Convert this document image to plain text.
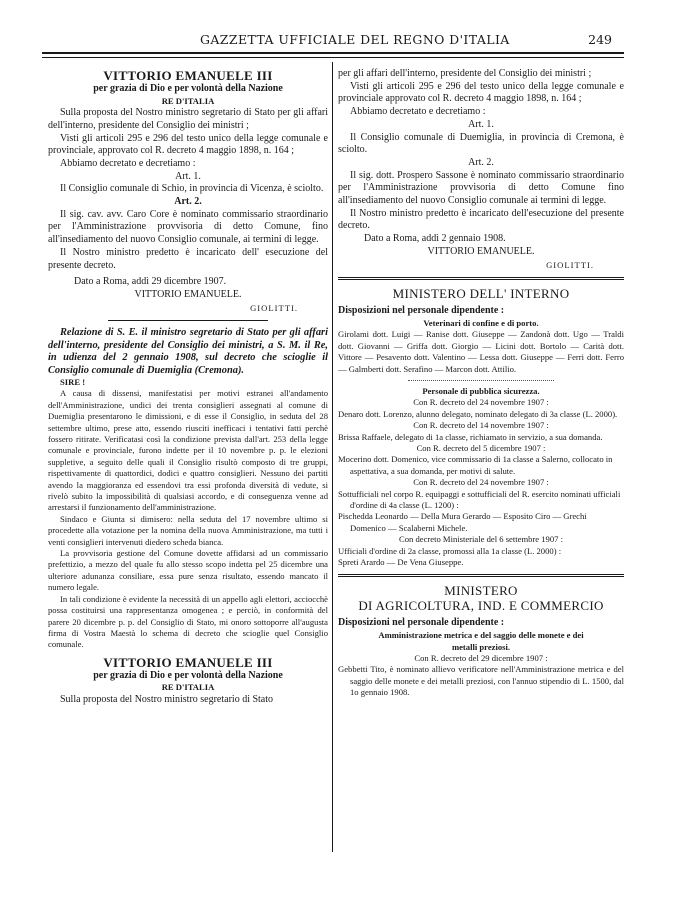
GAZZETTA UFFICIALE DEL REGNO D'ITALIA	249

VITTORIO EMANUELE III

per grazia di Dio e per volontà della Nazione

RE D'ITALIA

Sulla proposta del Nostro ministro segretario di Stato per gli affari dell'interno, presidente del Consiglio dei ministri ;

Visti gli articoli 295 e 296 del testo unico della legge comunale e provinciale, approvato col R. decreto 4 maggio 1898, n. 164 ;

Abbiamo decretato e decretiamo :

Art. 1.

Il Consiglio comunale di Schio, in provincia di Vicenza, è sciolto.

Art. 2.

Il sig. cav. avv. Caro Core è nominato commissario straordinario per l'Amministrazione provvisoria di detto Comune, fino all'insediamento del nuovo Consiglio comunale, ai termini di legge.

Il Nostro ministro predetto è incaricato dell' esecuzione del presente decreto.

Dato a Roma, addì 29 dicembre 1907.

VITTORIO EMANUELE.

GIOLITTI.

Relazione di S. E. il ministro segretario di Stato per gli affari dell'interno, presidente del Consiglio dei ministri, a S. M. il Re, in udienza del 2 gennaio 1908, sul decreto che scioglie il Consiglio comunale di Duemiglia (Cremona).

SIRE !

A causa di dissensi, manifestatisi per motivi estranei all'andamento dell'Amministrazione, undici dei trenta consiglieri assegnati al comune di Duemiglia presentarono le dimissioni, e di esse il Consiglio, in seduta del 28 settembre ultimo, prese atto, essendo riusciti inefficaci i tentativi fatti perchè fossero ritirate. Verificatasi così la condizione prevista dall'art. 253 della legge comunale e provinciale, furono indette per il 10 novembre p. p. le elezioni suppletive, a seguito delle quali il Consiglio risultò composto di tre gruppi, rispettivamente di quattordici, dodici e quattro consiglieri. Nessuno dei partiti avendo la maggioranza ed essendovi tra essi profonda diversità di vedute, si rivelò subito la impossibilità di qualsiasi accordo, e di conseguenza venne ad arrestarsi il funzionamento dell'amministrazione.

Sindaco e Giunta si dimisero: nella seduta del 17 novembre ultimo si procedette alla votazione per la nomina della nuova Amministrazione, ma tutti i venti consiglieri intervenuti diedero scheda bianca.

La provvisoria gestione del Comune dovette affidarsi ad un commissario prefettizio, a mezzo del quale fu allo stesso scopo indetta pel 25 dicembre una ulteriore adunanza consiliare, essa pure senza risultato, essendo mancato il numero legale.

In tali condizione è evidente la necessità di un appello agli elettori, acciocchè possa costituirsi una rappresentanza omogenea ; e perciò, in conformità del parere 20 dicembre p. p. del Consiglio di Stato, mi onoro sottoporre all'augusta firma di Vostra Maestà lo schema di decreto che scioglie quel Consiglio comunale.

VITTORIO EMANUELE III

per grazia di Dio e per volontà della Nazione

RE D'ITALIA

Sulla proposta del Nostro ministro segretario di Stato

per gli affari dell'interno, presidente del Consiglio dei ministri ;

Visti gli articoli 295 e 296 del testo unico della legge comunale e provinciale approvato col R. decreto 4 maggio 1898, n. 164 ;

Abbiamo decretato e decretiamo :

Art. 1.

Il Consiglio comunale di Duemiglia, in provincia di Cremona, è sciolto.

Art. 2.

Il sig. dott. Prospero Sassone è nominato commissario straordinario per l'Amministrazione provvisoria di detto Comune fino all'insediamento del nuovo Consiglio comunale ai termini di legge.

Il Nostro ministro predetto è incaricato dell'esecuzione del presente decreto.

Dato a Roma, addì 2 gennaio 1908.

VITTORIO EMANUELE.

GIOLITTI.

MINISTERO DELL' INTERNO

Disposizioni nel personale dipendente :

Veterinari di confine e di porto.

Girolami dott. Luigi — Ranise dott. Giuseppe — Zandonà dott. Ugo — Traldi dott. Giovanni — Griffa dott. Giorgio — Licini dott. Bortolo — Carità dott. Vittore — Pesavento dott. Valentino — Lessa dott. Giuseppe — Ferri dott. Ferro — Galmberti dott. Serafino — Marcon dott. Attilio.

Personale di pubblica sicurezza.

Con R. decreto del 24 novembre 1907 :

Denaro dott. Lorenzo, alunno delegato, nominato delegato di 3a classe (L. 2000).

Con R. decreto del 14 novembre 1907 :

Brissa Raffaele, delegato di 1a classe, richiamato in servizio, a sua domanda.

Con R. decreto del 5 dicembre 1907 :

Mocerino dott. Domenico, vice commissario di 1a classe a Salerno, collocato in aspettativa, a sua domanda, per motivi di salute.

Con R. decreto del 24 novembre 1907 :

Sottufficiali nel corpo R. equipaggi e sottufficiali del R. esercito nominati ufficiali d'ordine di 4a classe (L. 1200) :

Pischedda Leonardo — Della Mura Gerardo — Esposito Ciro — Grechi Domenico — Scalaberni Michele.

Con decreto Ministeriale del 6 settembre 1907 :

Ufficiali d'ordine di 2a classe, promossi alla 1a classe (L. 2000) :

Spreti Arardo — De Vena Giuseppe.

MINISTERO

DI AGRICOLTURA, IND. E COMMERCIO

Disposizioni nel personale dipendente :

Amministrazione metrica e del saggio delle monete e dei metalli preziosi.

Con R. decreto del 29 dicembre 1907 :

Gebbetti Tito, è nominato allievo verificatore nell'Amministrazione metrica e del saggio delle monete e dei metalli preziosi, con l'annuo stipendio di L. 1500, dal 1o gennaio 1908.
